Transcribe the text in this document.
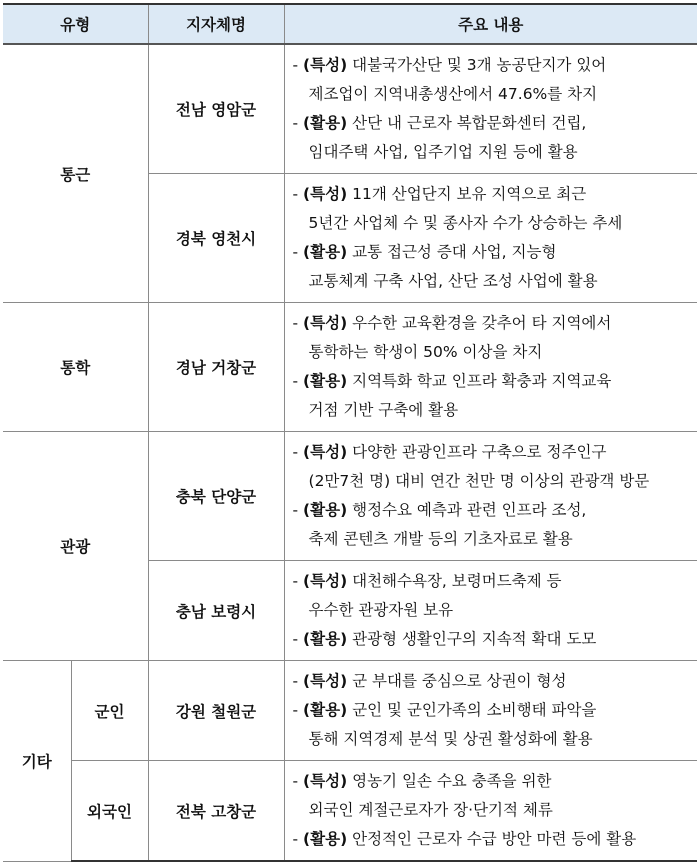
유형		지자체명	주요 내용
통근		전남 영암군	- (특성) 대불국가산단 및 3개 농공단지가 있어
제조업이 지역내총생산에서 47.6%를 차지
- (활용) 산단 내 근로자 복합문화센터 건립,
임대주택 사업, 입주기업 지원 등에 활용

		경북 영천시	- (특성) 11개 산업단지 보유 지역으로 최근
5년간 사업체 수 및 종사자 수가 상승하는 추세
- (활용) 교통 접근성 증대 사업, 지능형
교통체계 구축 사업, 산단 조성 사업에 활용

통학		경남 거창군	- (특성) 우수한 교육환경을 갖추어 타 지역에서
통학하는 학생이 50% 이상을 차지
- (활용) 지역특화 학교 인프라 확충과 지역교육
거점 기반 구축에 활용

관광		충북 단양군	- (특성) 다양한 관광인프라 구축으로 정주인구
(2만7천 명) 대비 연간 천만 명 이상의 관광객 방문
- (활용) 행정수요 예측과 관련 인프라 조성,
축제 콘텐츠 개발 등의 기초자료로 활용

		충남 보령시	- (특성) 대천해수욕장, 보령머드축제 등
우수한 관광자원 보유
- (활용) 관광형 생활인구의 지속적 확대 도모

기타	군인	강원 철원군	- (특성) 군 부대를 중심으로 상권이 형성
- (활용) 군인 및 군인가족의 소비행태 파악을
통해 지역경제 분석 및 상권 활성화에 활용

	외국인	전북 고창군	- (특성) 영농기 일손 수요 충족을 위한
외국인 계절근로자가 장·단기적 체류
- (활용) 안정적인 근로자 수급 방안 마련 등에 활용
